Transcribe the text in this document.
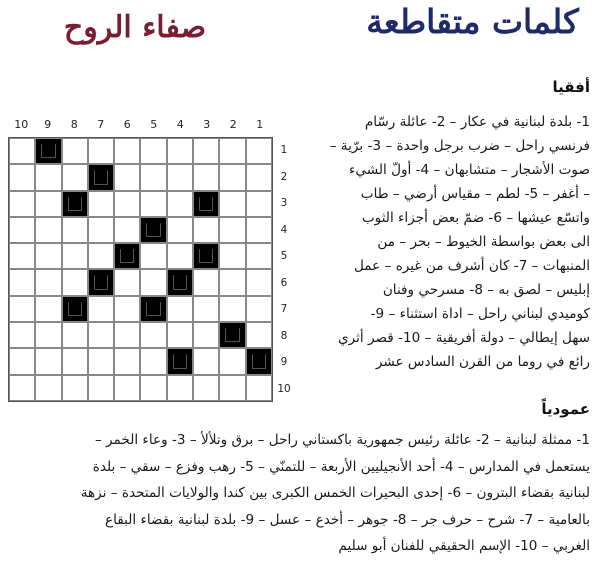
كلمات متقاطعة
صفاء الروح
أفقيا
1- بلدة لبنانية في عكار – 2- عائلة رسّام
فرنسي راحل – ضرب برجل واحدة – 3- برّية –
صوت الأشجار – متشابهان – 4- أولّ الشيء
– أغفر – 5- لطم – مقياس أرضي – طاب
واتسّع عيشها – 6- ضمّ بعض أجزاء الثوب
الى بعض بواسطة الخيوط – بحر – من
المنبهات – 7- كان أشرف من غيره – عمل
إبليس – لصق به – 8- مسرحي وفنان
كوميدي لبناني راحل – اداة استثناء – 9-
سهل إيطالي – دولة أفريقية – 10- قصر أثري
رائع في روما من القرن السادس عشر
عمودياً
1- ممثلة لبنانية – 2- عائلة رئيس جمهورية باكستاني راحل – برق وتلألأ – 3- وعاء الخمر –
يستعمل في المدارس – 4- أحد الأنجيليين الأربعة – للتمنّي – 5- رهب وفزع – سقي – بلدة
لبنانية بقضاء البترون – 6- إحدى البحيرات الخمس الكبرى بين كندا والولايات المتحدة – نزهة
بالعامية – 7- شرح – حرف جر – 8- جوهر – أخدع – عسل – 9- بلدة لبنانية بقضاء البقاع
الغربي – 10- الإسم الحقيقي للفنان أبو سليم
10	9	8	7	6	5	4	3	2	1
1
2
3
4
5
6
7
8
9
10
